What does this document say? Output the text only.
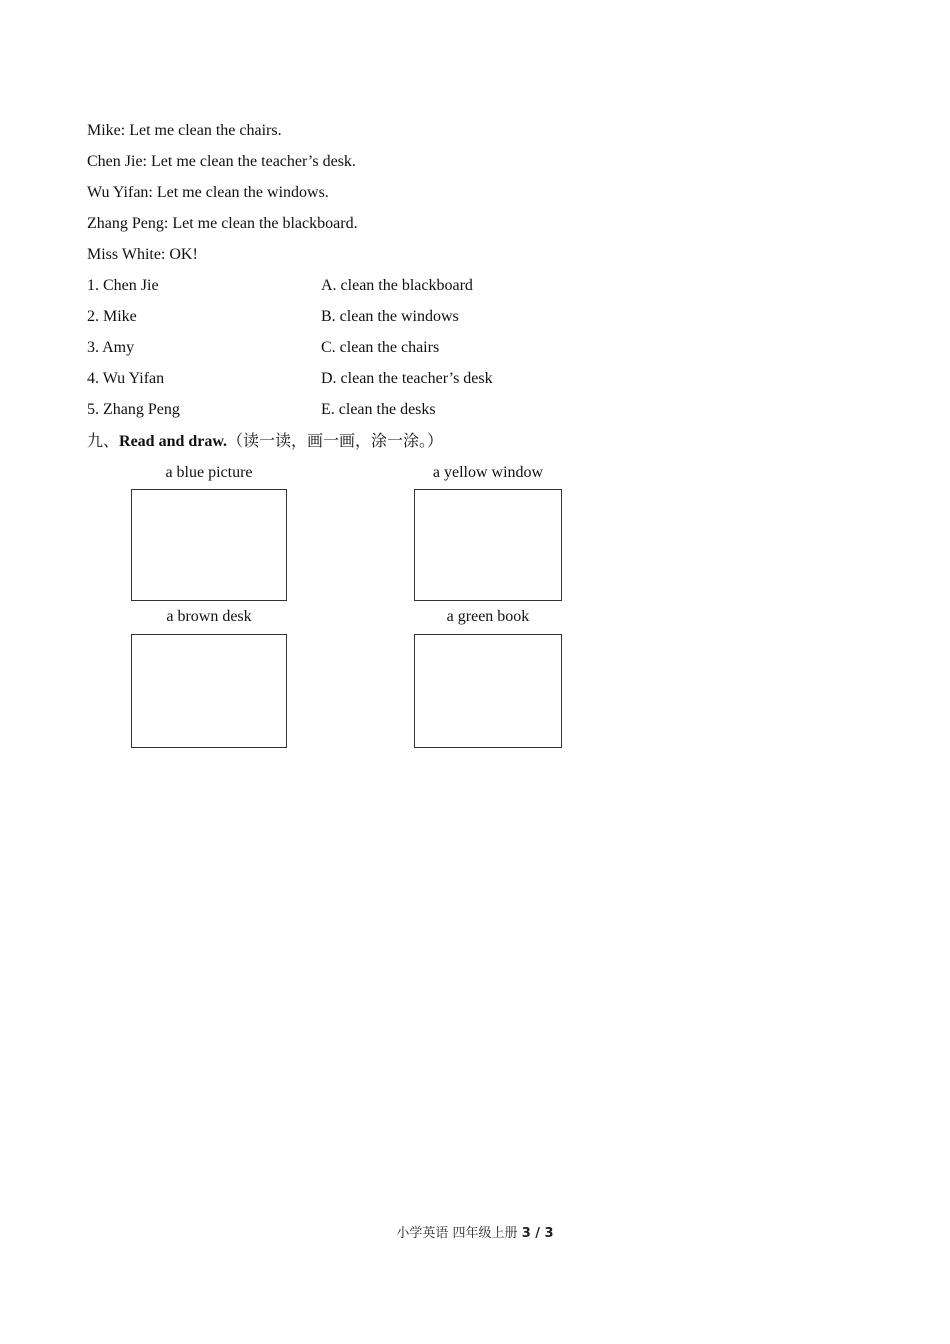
Mike: Let me clean the chairs.
Chen Jie: Let me clean the teacher’s desk.
Wu Yifan: Let me clean the windows.
Zhang Peng: Let me clean the blackboard.
Miss White: OK!
1. Chen Jie	A. clean the blackboard
2. Mike	B. clean the windows
3. Amy	C. clean the chairs
4. Wu Yifan	D. clean the teacher’s desk
5. Zhang Peng	E. clean the desks
九、Read and draw.（读一读，画一画，涂一涂。）
a blue picture	a yellow window
a brown desk	a green book
小学英语 四年级上册 3 / 3
